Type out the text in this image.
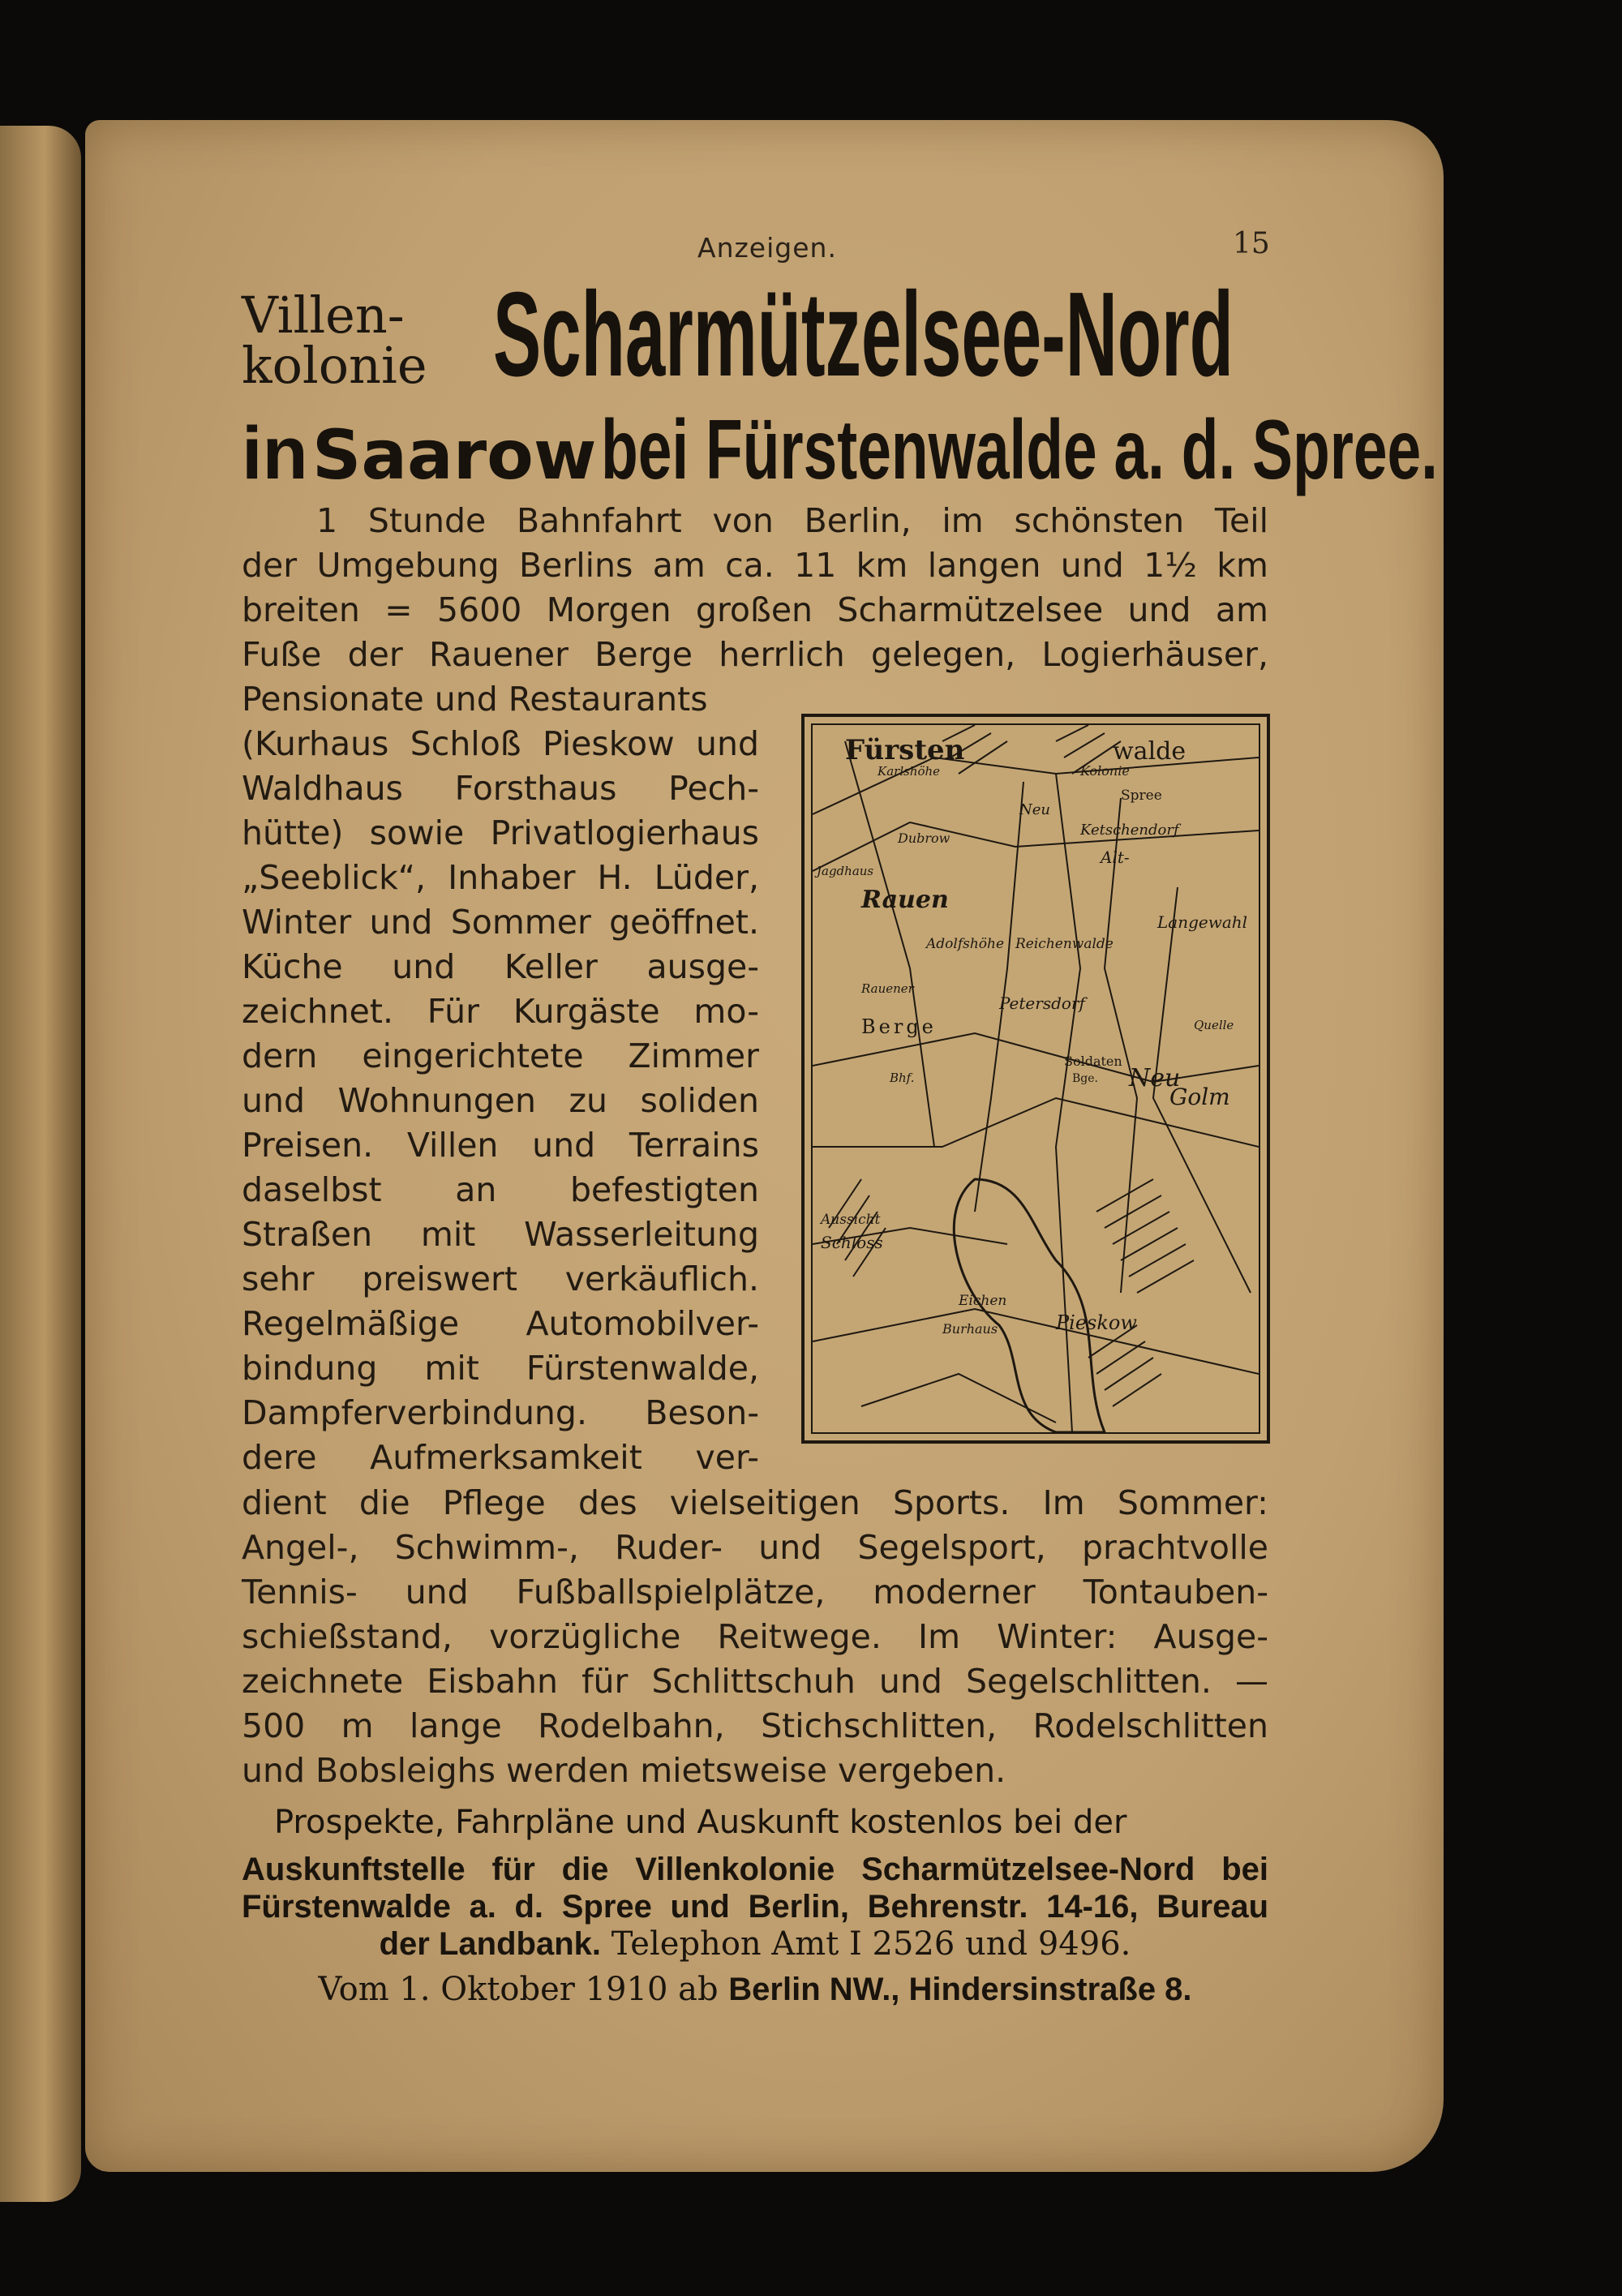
Anzeigen.	15
Villen-
kolonie Scharmützelsee-Nord
in Saarow bei Fürstenwalde a. d. Spree.
1 Stunde Bahnfahrt von Berlin, im schönsten Teil
der Umgebung Berlins am ca. 11 km langen und 1½ km
breiten = 5600 Morgen großen Scharmützelsee und am
Fuße der Rauener Berge herrlich gelegen, Logierhäuser,
Pensionate und Restaurants
(Kurhaus Schloß Pieskow und
Waldhaus Forsthaus Pech-
hütte) sowie Privatlogierhaus
„Seeblick“, Inhaber H. Lüder,
Winter und Sommer geöffnet.
Küche und Keller ausge-
zeichnet. Für Kurgäste mo-
dern eingerichtete Zimmer
und Wohnungen zu soliden
Preisen. Villen und Terrains
daselbst an befestigten
Straßen mit Wasserleitung
sehr preiswert verkäuflich.
Regelmäßige Automobilver-
bindung mit Fürstenwalde,
Dampferverbindung. Beson-
dere Aufmerksamkeit ver-
Fürsten	walde
Karlshöhe	Kolonie
Neu
Spree
Ketschendorf
Alt-
Dubrow
Langewahl
Jagdhaus
Rauen
Adolfshöhe Reichenwalde
Rauener
Berge
Petersdorf
Quelle
Soldaten
Bge. Neu
Golm
Bhf.
Aussicht
Schloss
Eichen
Burhaus	Pieskow
dient die Pflege des vielseitigen Sports. Im Sommer:
Angel-, Schwimm-, Ruder- und Segelsport, prachtvolle
Tennis- und Fußballspielplätze, moderner Tontauben-
schießstand, vorzügliche Reitwege. Im Winter: Ausge-
zeichnete Eisbahn für Schlittschuh und Segelschlitten. —
500 m lange Rodelbahn, Stichschlitten, Rodelschlitten
und Bobsleighs werden mietsweise vergeben.
Prospekte, Fahrpläne und Auskunft kostenlos bei der
Auskunftstelle für die Villenkolonie Scharmützelsee-Nord bei
Fürstenwalde a. d. Spree und Berlin, Behrenstr. 14-16, Bureau
der Landbank. Telephon Amt I 2526 und 9496.
Vom 1. Oktober 1910 ab Berlin NW., Hindersinstraße 8.
